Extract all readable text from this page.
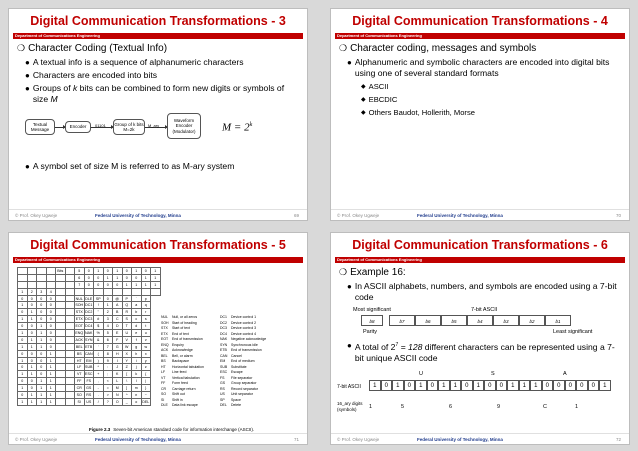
Digital Communication Transformations - 3
Department of Communications Engineering
❍ Character Coding (Textual Info)
● A textual info is a sequence of alphanumeric characters
● Characters are encoded into bits
● Groups of k bits can be combined to form new digits or symbols of size M
Textual Message
Encoder	01101	Group of k bits M=2k
M_ary
Waveform Encoder (Modulator)	$M = 2^k$
● A symbol set of size M is referred to as M-ary system
© Prof. Okey Ugweje	Federal University of Technology, Minna	69
Digital Communication Transformations - 4
Department of Communications Engineering
❍ Character coding, messages and symbols
● Alphanumeric and symbolic characters are encoded into digital bits using one of several standard formats
◆ ASCII
◆ EBCDIC
◆ Others Baudot, Hollerith, Morse
© Prof. Okey Ugweje	Federal University of Technology, Minna	70
Digital Communication Transformations - 5
Department of Communications Engineering
				Bits		5	0	1	0	1	0	1	0	1
						6	0	0	1	1	0	0	1	1
						7	0	0	0	0	1	1	1	1
1	2	3	4											
0	0	0	0			NUL	DLE	SP	0	@	P	`	p	
1	0	0	0			SOH	DC1	!	1	A	Q	a	q	
0	1	0	0			STX	DC2	"	2	B	R	b	r	
1	1	0	0			ETX	DC3	#	3	C	S	c	s	
0	0	1	0			EOT	DC4	$	4	D	T	d	t	
1	0	1	0			ENQ	NAK	%	5	E	U	e	u	
0	1	1	0			ACK	SYN	&	6	F	V	f	v	
1	1	1	0			BEL	ETB	'	7	G	W	g	w	
0	0	0	1			BS	CAN	(	8	H	X	h	x	
1	0	0	1			HT	EM	)	9	I	Y	i	y	
0	1	0	1			LF	SUB	*	:	J	Z	j	z	
1	1	0	1			VT	ESC	+	;	K	[	k	{	
0	0	1	1			FF	FS	,	<	L	\	l	|	
1	0	1	1			CR	GS	-	=	M	]	m	}	
0	1	1	1			SO	RS	.	>	N	^	n	~	
1	1	1	1			SI	US	/	?	O	_	o	DEL	
NUL	Null, or all zeros	DC1	Device control 1
SOH Start of heading	DC2	Device control 2
STX	Start of text	DC3	Device control 3
ETX	End of text	DC4	Device control 4
EOT	End of transmission	NAK	Negative acknowledge
ENQ Enquiry	SYN	Synchronous idle
ACK	Acknowledge	ETB	End of transmission
BEL	Bell, or alarm	CAN	Cancel
BS	Backspace	EM	End of medium
HT	Horizontal tabulation	SUB	Substitute
LF	Line feed	ESC	Escape
VT	Vertical tabulation	FS	File separator
FF	Form feed	GS	Group separator
CR	Carriage return	RS	Record separator
SO	Shift out	US	Unit separator
SI	Shift in	SP	Space
DLE	Data link escape	DEL	Delete
Figure 2.3 Seven-bit American standard code for information interchange (ASCII).
© Prof. Okey Ugweje	Federal University of Technology, Minna	71
Digital Communication Transformations - 6
Department of Communications Engineering
❍ Example 16:
● In ASCII alphabets, numbers, and symbols are encoded using a 7-bit code
Most significant	7-bit ASCII
b8	b7	b6	b5	b4	b3	b2	b1
Parity	Least significant
● A total of $2^7 = 128$ different characters can be represented using a 7-bit unique ASCII code
U	S	A
7-bit ASCII	1	0	1	0	1	0	1	1	0	1	0	0	1	1	1	0	0	0	0	0	1
16_ary digits (symbols)	1	5	6	9	C	1
© Prof. Okey Ugweje	Federal University of Technology, Minna	72
